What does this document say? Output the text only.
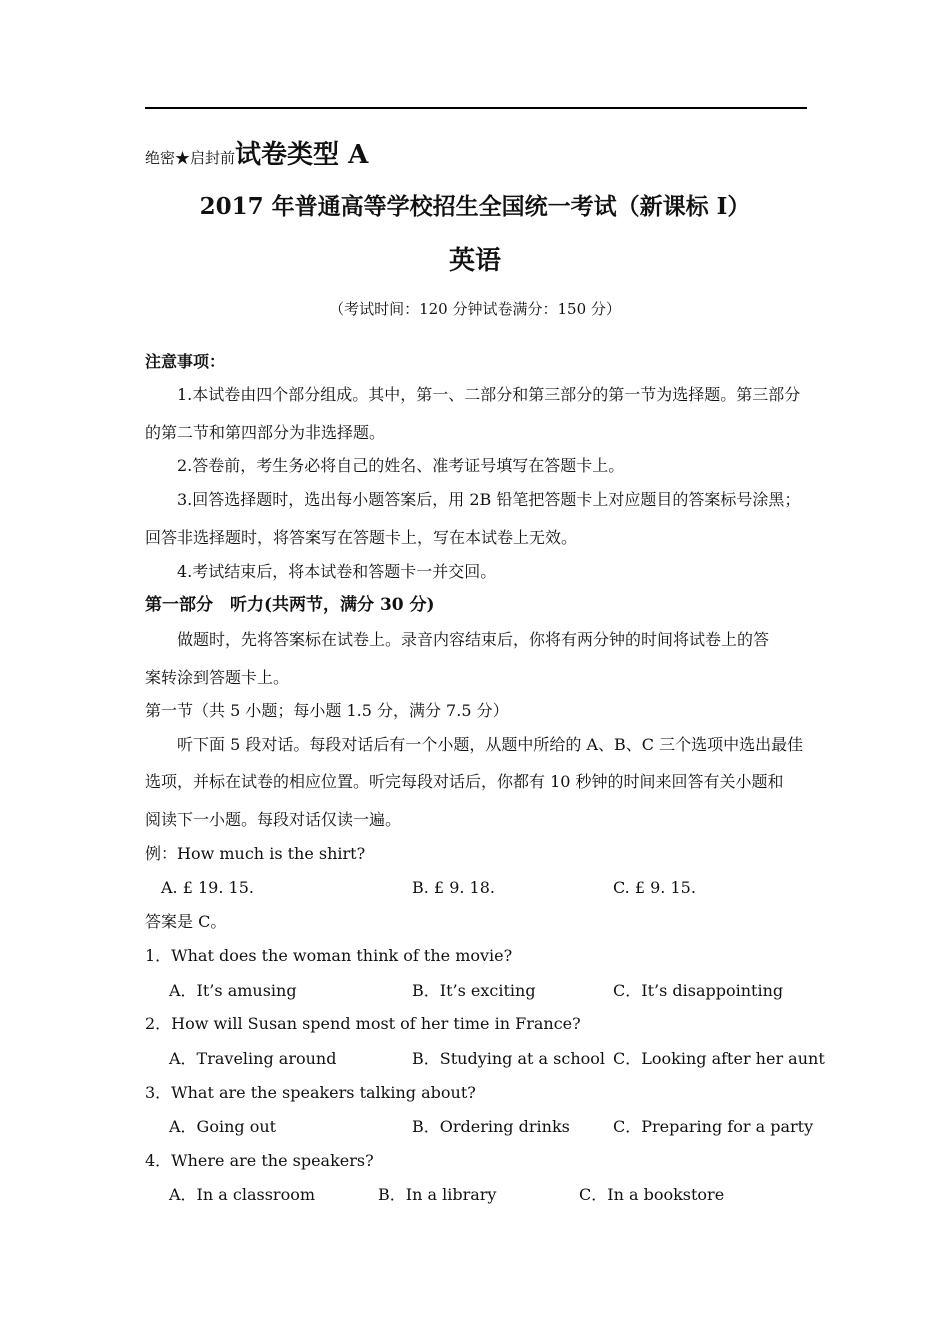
绝密★启封前试卷类型 A
2017 年普通高等学校招生全国统一考试（新课标 I）
英语
（考试时间：120 分钟试卷满分：150 分）
注意事项：
1.本试卷由四个部分组成。其中，第一、二部分和第三部分的第一节为选择题。第三部分
的第二节和第四部分为非选择题。
2.答卷前，考生务必将自己的姓名、准考证号填写在答题卡上。
3.回答选择题时，选出每小题答案后，用 2B 铅笔把答题卡上对应题目的答案标号涂黑；
回答非选择题时，将答案写在答题卡上，写在本试卷上无效。
4.考试结束后，将本试卷和答题卡一并交回。
第一部分　听力(共两节，满分 30 分)
做题时，先将答案标在试卷上。录音内容结束后，你将有两分钟的时间将试卷上的答
案转涂到答题卡上。
第一节（共 5 小题；每小题 1.5 分，满分 7.5 分）
听下面 5 段对话。每段对话后有一个小题，从题中所给的 A、B、C 三个选项中选出最佳
选项，并标在试卷的相应位置。听完每段对话后，你都有 10 秒钟的时间来回答有关小题和
阅读下一小题。每段对话仅读一遍。
例：How much is the shirt?
A. £ 19. 15.	B. £ 9. 18.	C. £ 9. 15.
答案是 C。
1．What does the woman think of the movie?
A．It’s amusing	B．It’s exciting	C．It’s disappointing
2．How will Susan spend most of her time in France?
A．Traveling around	B．Studying at a school C．Looking after her aunt
3．What are the speakers talking about?
A．Going out	B．Ordering drinks	C．Preparing for a party
4．Where are the speakers?
A．In a classroom	B．In a library	C．In a bookstore
